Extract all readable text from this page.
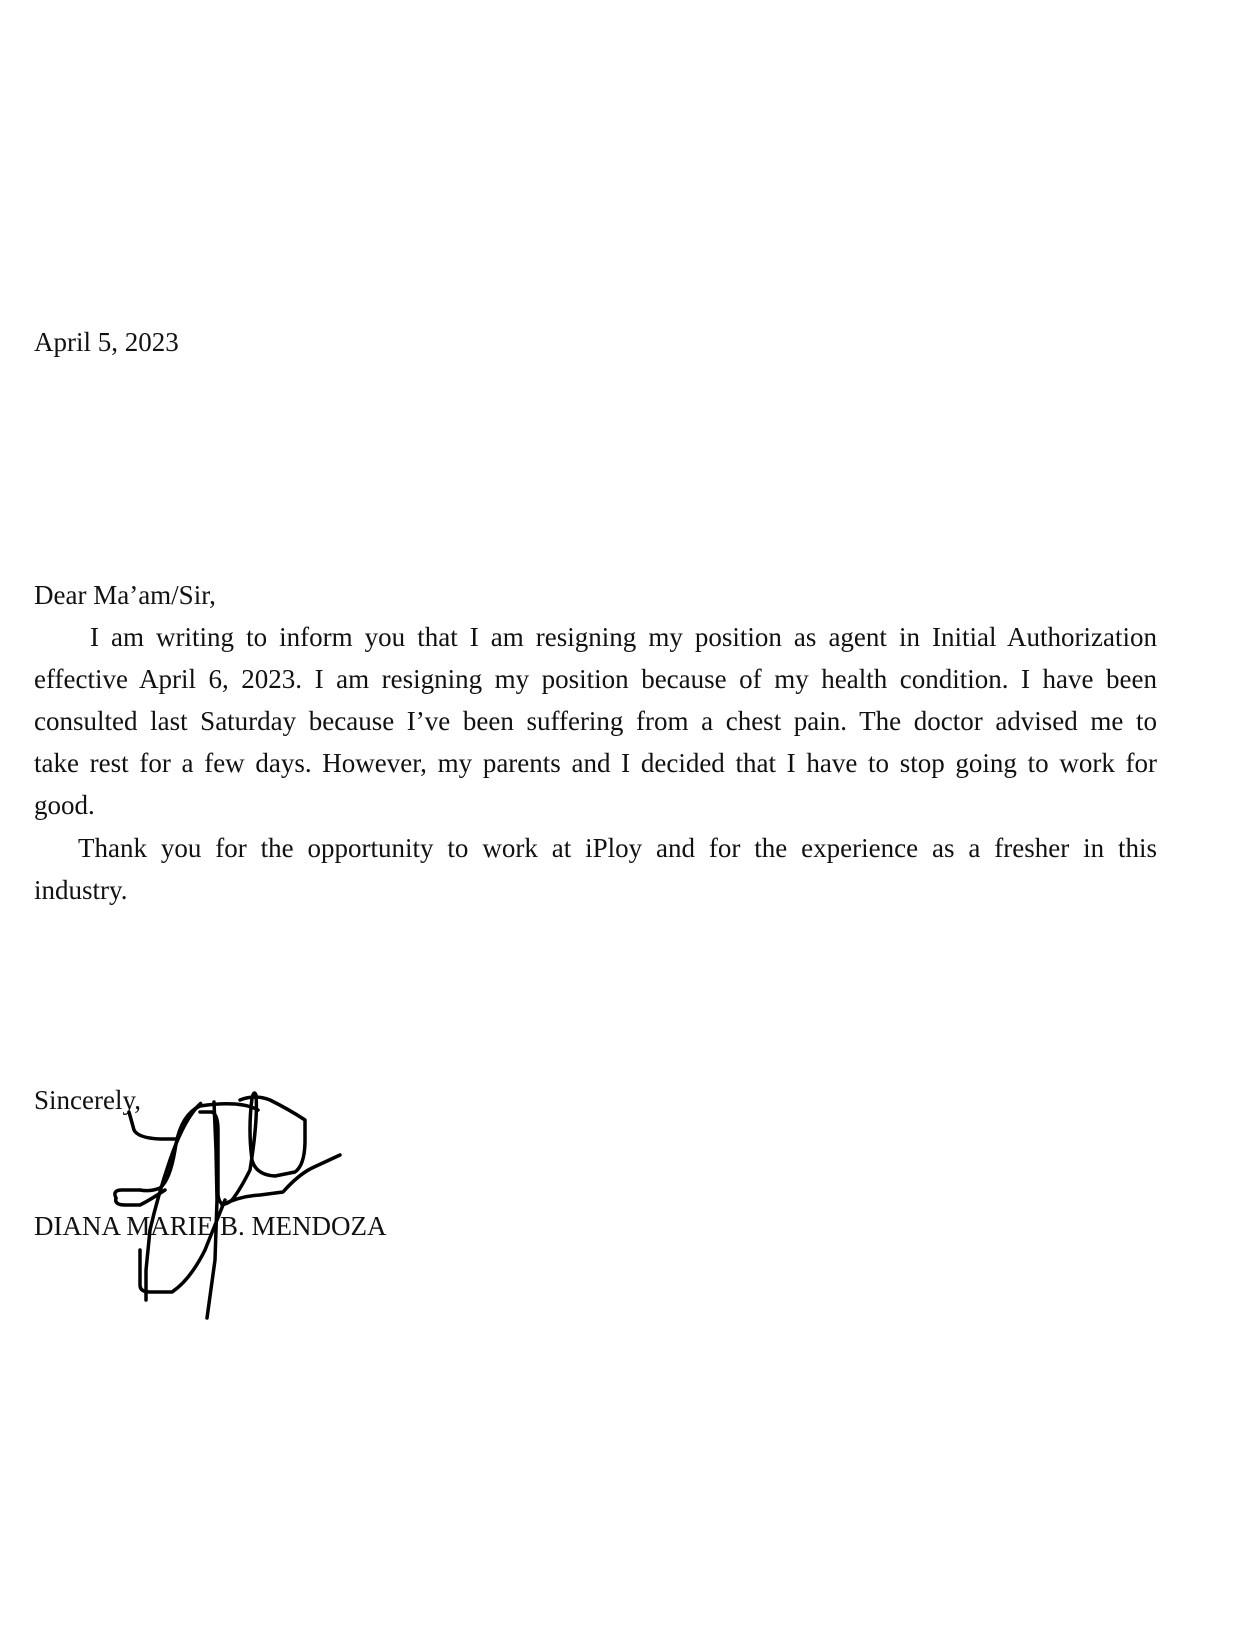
April 5, 2023
Dear Ma’am/Sir,
I am writing to inform you that I am resigning my position as agent in Initial Authorization
effective April 6, 2023. I am resigning my position because of my health condition. I have been
consulted last Saturday because I’ve been suffering from a chest pain. The doctor advised me to
take rest for a few days. However, my parents and I decided that I have to stop going to work for
good.
Thank you for the opportunity to work at iPloy and for the experience as a fresher in this
industry.
Sincerely,
DIANA MARIE B. MENDOZA
